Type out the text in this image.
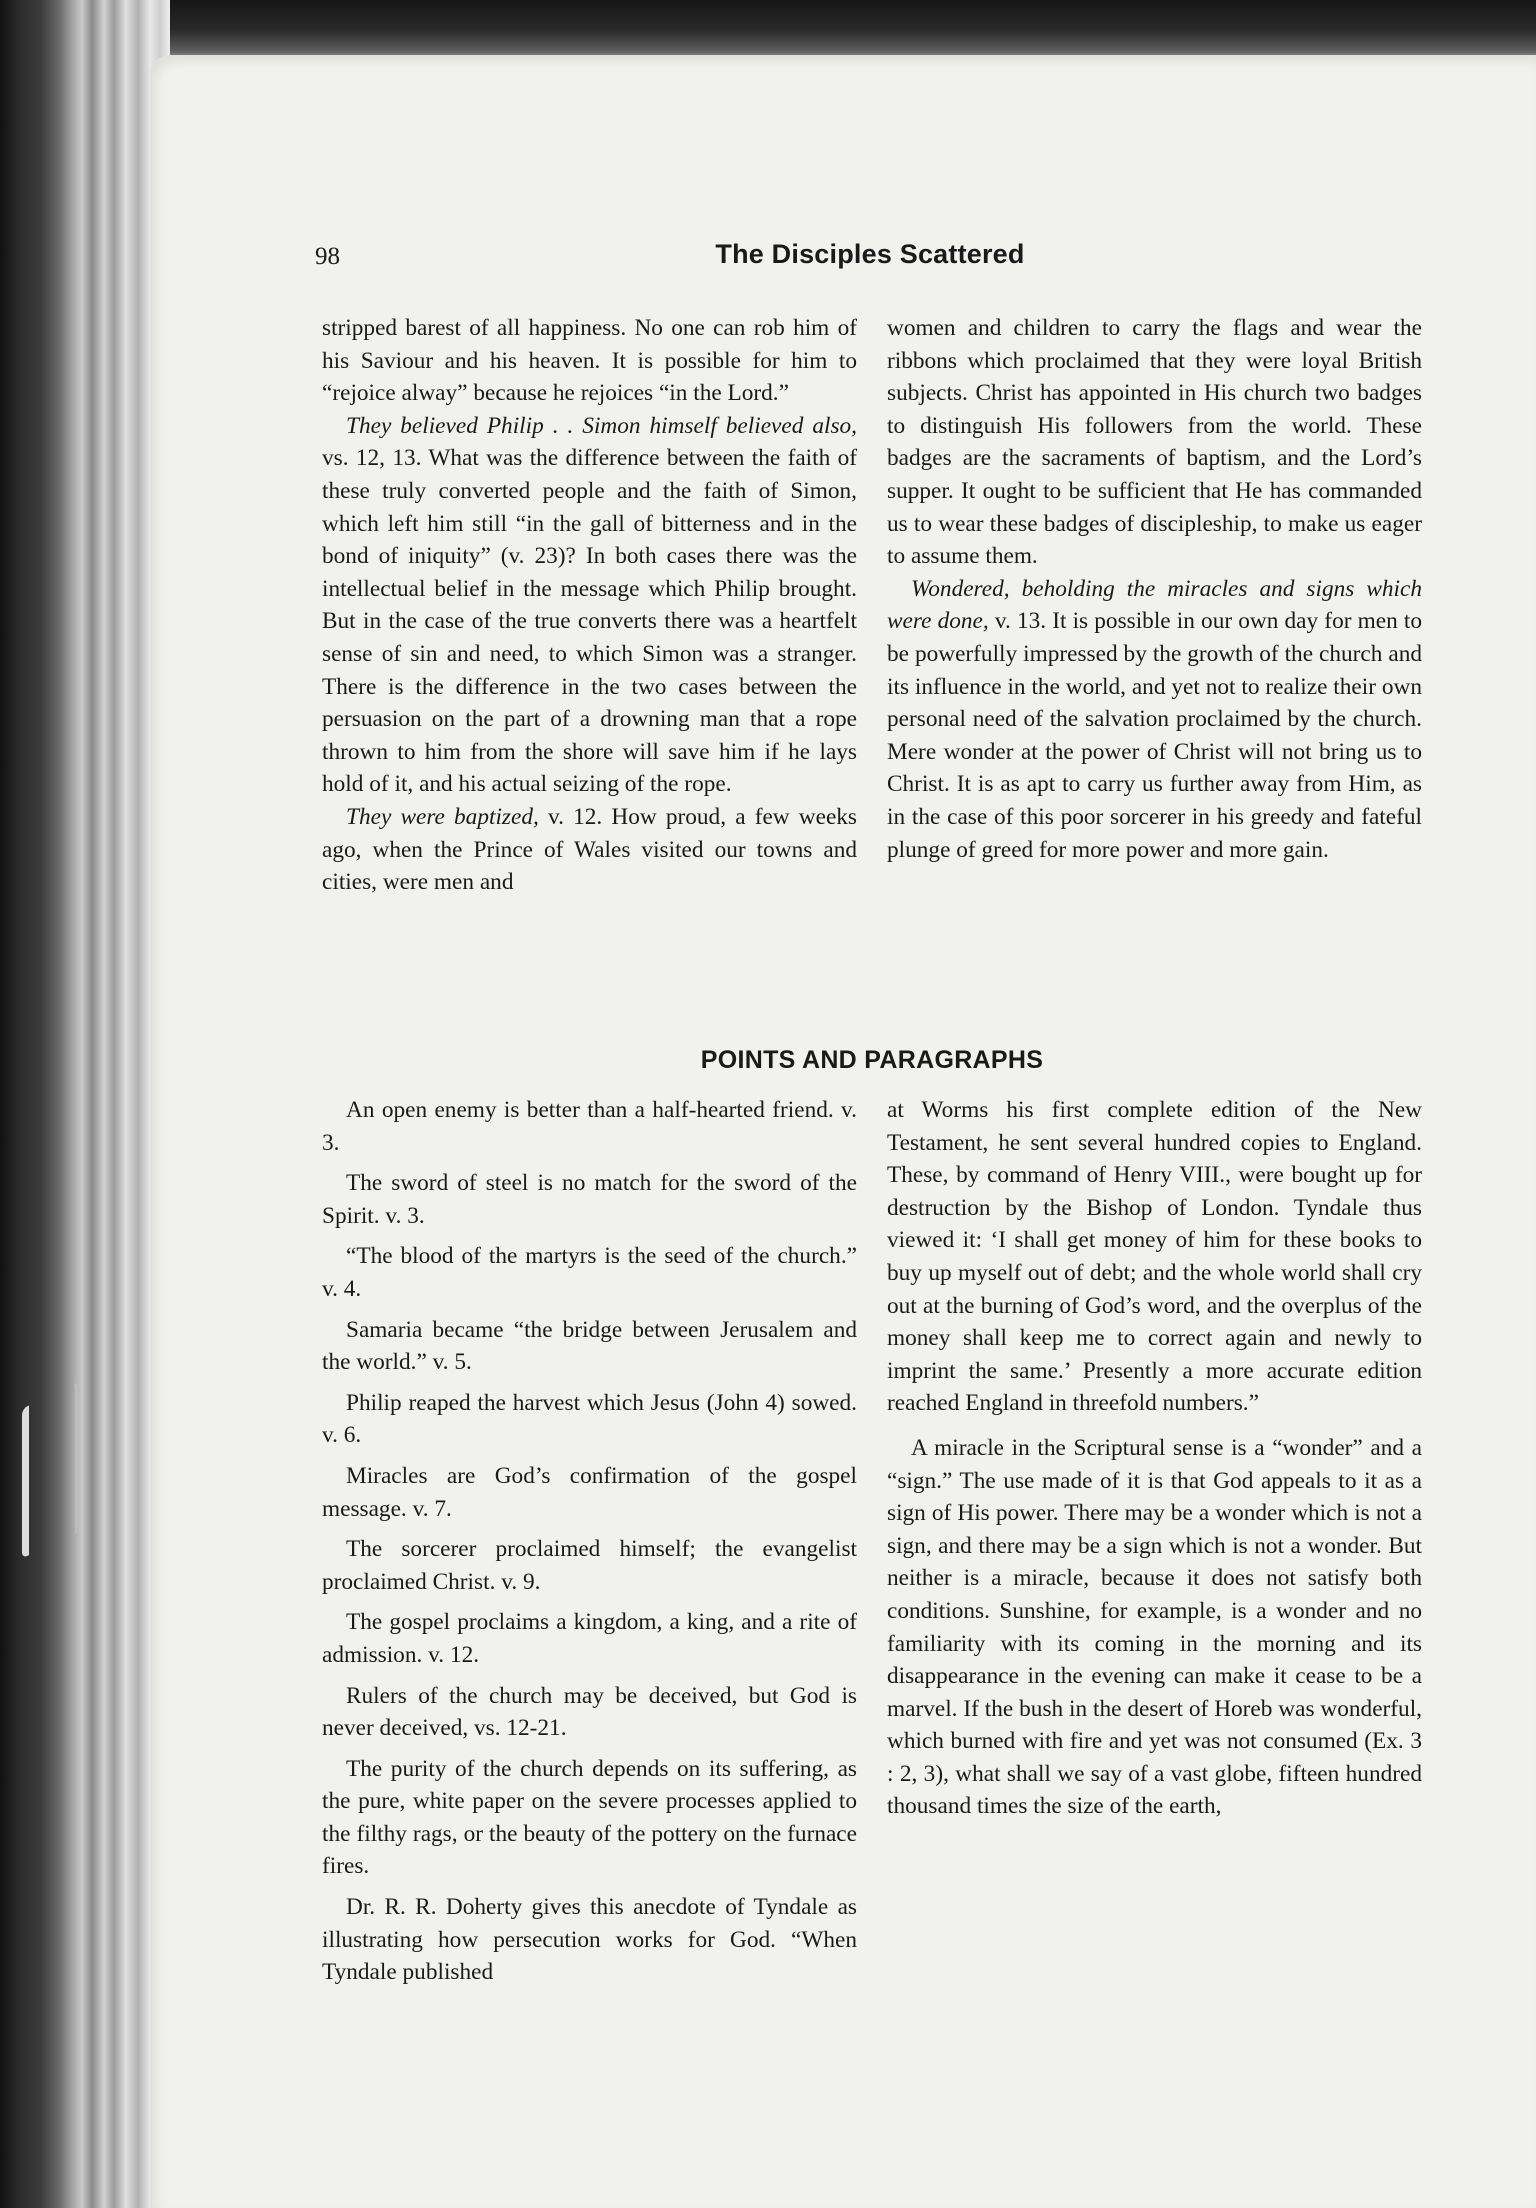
98	The Disciples Scattered

stripped barest of all happiness. No one can rob him of his Saviour and his heaven. It is possible for him to “rejoice alway” because he rejoices “in the Lord.”

They believed Philip . . Simon himself believed also, vs. 12, 13. What was the difference between the faith of these truly converted people and the faith of Simon, which left him still “in the gall of bitterness and in the bond of iniquity” (v. 23)? In both cases there was the intellectual belief in the message which Philip brought. But in the case of the true converts there was a heartfelt sense of sin and need, to which Simon was a stranger. There is the difference in the two cases between the persuasion on the part of a drowning man that a rope thrown to him from the shore will save him if he lays hold of it, and his actual seizing of the rope.

They were baptized, v. 12. How proud, a few weeks ago, when the Prince of Wales visited our towns and cities, were men and

women and children to carry the flags and wear the ribbons which proclaimed that they were loyal British subjects. Christ has appointed in His church two badges to distinguish His followers from the world. These badges are the sacraments of baptism, and the Lord’s supper. It ought to be sufficient that He has commanded us to wear these badges of discipleship, to make us eager to assume them.

Wondered, beholding the miracles and signs which were done, v. 13. It is possible in our own day for men to be powerfully impressed by the growth of the church and its influence in the world, and yet not to realize their own personal need of the salvation proclaimed by the church. Mere wonder at the power of Christ will not bring us to Christ. It is as apt to carry us further away from Him, as in the case of this poor sorcerer in his greedy and fateful plunge of greed for more power and more gain.

POINTS AND PARAGRAPHS

An open enemy is better than a half-hearted friend. v. 3.

The sword of steel is no match for the sword of the Spirit. v. 3.

“The blood of the martyrs is the seed of the church.” v. 4.

Samaria became “the bridge between Jerusalem and the world.” v. 5.

Philip reaped the harvest which Jesus (John 4) sowed. v. 6.

Miracles are God’s confirmation of the gospel message. v. 7.

The sorcerer proclaimed himself; the evangelist proclaimed Christ. v. 9.

The gospel proclaims a kingdom, a king, and a rite of admission. v. 12.

Rulers of the church may be deceived, but God is never deceived, vs. 12-21.

The purity of the church depends on its suffering, as the pure, white paper on the severe processes applied to the filthy rags, or the beauty of the pottery on the furnace fires.

Dr. R. R. Doherty gives this anecdote of Tyndale as illustrating how persecution works for God. “When Tyndale published

at Worms his first complete edition of the New Testament, he sent several hundred copies to England. These, by command of Henry VIII., were bought up for destruction by the Bishop of London. Tyndale thus viewed it: ‘I shall get money of him for these books to buy up myself out of debt; and the whole world shall cry out at the burning of God’s word, and the overplus of the money shall keep me to correct again and newly to imprint the same.’ Presently a more accurate edition reached England in threefold numbers.”

A miracle in the Scriptural sense is a “wonder” and a “sign.” The use made of it is that God appeals to it as a sign of His power. There may be a wonder which is not a sign, and there may be a sign which is not a wonder. But neither is a miracle, because it does not satisfy both conditions. Sunshine, for example, is a wonder and no familiarity with its coming in the morning and its disappearance in the evening can make it cease to be a marvel. If the bush in the desert of Horeb was wonderful, which burned with fire and yet was not consumed (Ex. 3 : 2, 3), what shall we say of a vast globe, fifteen hundred thousand times the size of the earth,
